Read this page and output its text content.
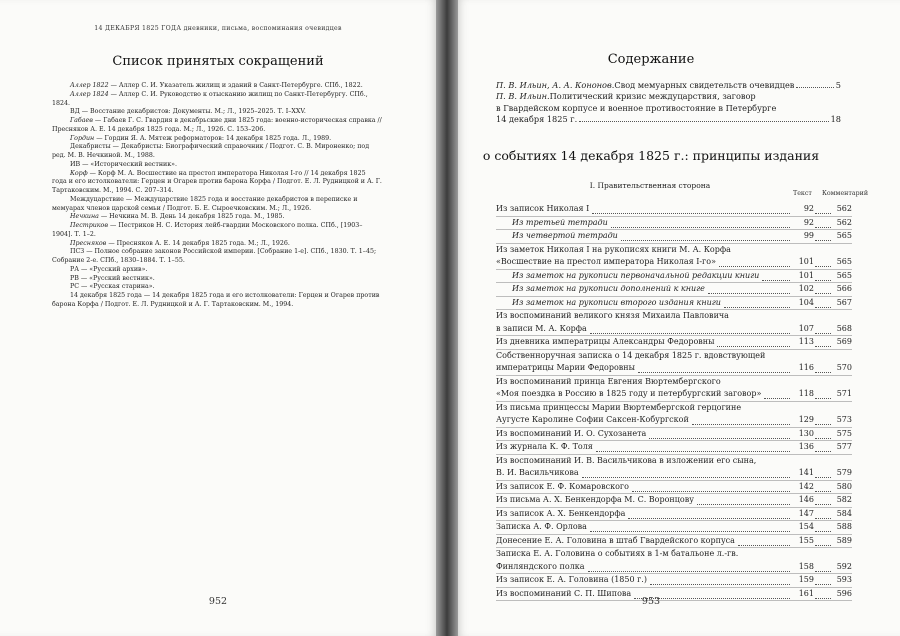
14 ДЕКАБРЯ 1825 ГОДА дневники, письма, воспоминания очевидцев
Список принятых сокращений

Аллер 1822 — Аллер С. И. Указатель жилищ и зданий в Санкт-Петербурге. СПб., 1822.

Аллер 1824 — Аллер С. И. Руководство к отысканию жилищ по Санкт-Петербургу. СПб., 1824.

ВД — Восстание декабристов: Документы. М.; Л., 1925–2025. Т. I–XXV.

Габаев — Габаев Г. С. Гвардия в декабрьские дни 1825 года: военно-историческая справка // Пресняков А. Е. 14 декабря 1825 года. М.; Л., 1926. С. 153–206.

Гордин — Гордин Я. А. Мятеж реформаторов: 14 декабря 1825 года. Л., 1989.

Декабристы — Декабристы: Биографический справочник / Подгот. С. В. Мироненко; под ред. М. В. Нечкиной. М., 1988.

ИВ — «Исторический вестник».

Корф — Корф М. А. Восшествие на престол императора Николая I-го // 14 декабря 1825 года и его истолкователи: Герцен и Огарев против барона Корфа / Подгот. Е. Л. Рудницкой и А. Г. Тартаковским. М., 1994. С. 207–314.

Междуцарствие — Междуцарствие 1825 года и восстание декабристов в переписке и мемуарах членов царской семьи / Подгот. Б. Е. Сыроечковским. М.; Л., 1926.

Нечкина — Нечкина М. В. День 14 декабря 1825 года. М., 1985.

Пестриков — Пестриков Н. С. История лейб-гвардии Московского полка. СПб., [1903–1904]. Т. 1–2.

Пресняков — Пресняков А. Е. 14 декабря 1825 года. М.; Л., 1926.

ПСЗ — Полное собрание законов Российской империи. [Собрание 1-е]. СПб., 1830. Т. 1–45; Собрание 2-е. СПб., 1830–1884. Т. 1–55.

РА — «Русский архив».

РВ — «Русский вестник».

РС — «Русская старина».

14 декабря 1825 года — 14 декабря 1825 года и его истолкователи: Герцен и Огарев против барона Корфа / Подгот. Е. Л. Рудницкой и А. Г. Тартаковским. М., 1994.

952
Содержание
П. В. Ильин, А. А. Кононов. Свод мемуарных свидетельств очевидцев	5
П. В. Ильин. Политический кризис междуцарствия, заговор
в Гвардейском корпусе и военное противостояние в Петербурге
14 декабря 1825 г.	18
о событиях 14 декабря 1825 г.: принципы издания
I. Правительственная сторона
Текст Комментарий
Из записок Николая I	92	562
Из третьей тетради	92	562
Из четвертой тетради	99	565
Из заметок Николая I на рукописях книги М. А. Корфа
«Восшествие на престол императора Николая I-го»	101	565
Из заметок на рукописи первоначальной редакции книги	101	565
Из заметок на рукописи дополнений к книге	102	566
Из заметок на рукописи второго издания книги	104	567
Из воспоминаний великого князя Михаила Павловича
в записи М. А. Корфа	107	568
Из дневника императрицы Александры Федоровны	113	569
Собственноручная записка о 14 декабря 1825 г. вдовствующей
императрицы Марии Федоровны	116	570
Из воспоминаний принца Евгения Вюртембергского
«Моя поездка в Россию в 1825 году и петербургский заговор»	118	571
Из письма принцессы Марии Вюртембергской герцогине
Аугусте Каролине Софии Саксен-Кобургской	129	573
Из воспоминаний И. О. Сухозанета	130	575
Из журнала К. Ф. Толя	136	577
Из воспоминаний И. В. Васильчикова в изложении его сына,
В. И. Васильчикова	141	579
Из записок Е. Ф. Комаровского	142	580
Из письма А. Х. Бенкендорфа М. С. Воронцову	146	582
Из записок А. Х. Бенкендорфа	147	584
Записка А. Ф. Орлова	154	588
Донесение Е. А. Головина в штаб Гвардейского корпуса	155	589
Записка Е. А. Головина о событиях в 1-м батальоне л.-гв.
Финляндского полка	158	592
Из записок Е. А. Головина (1850 г.)	159	593
Из воспоминаний С. П. Шипова	161	596
953
